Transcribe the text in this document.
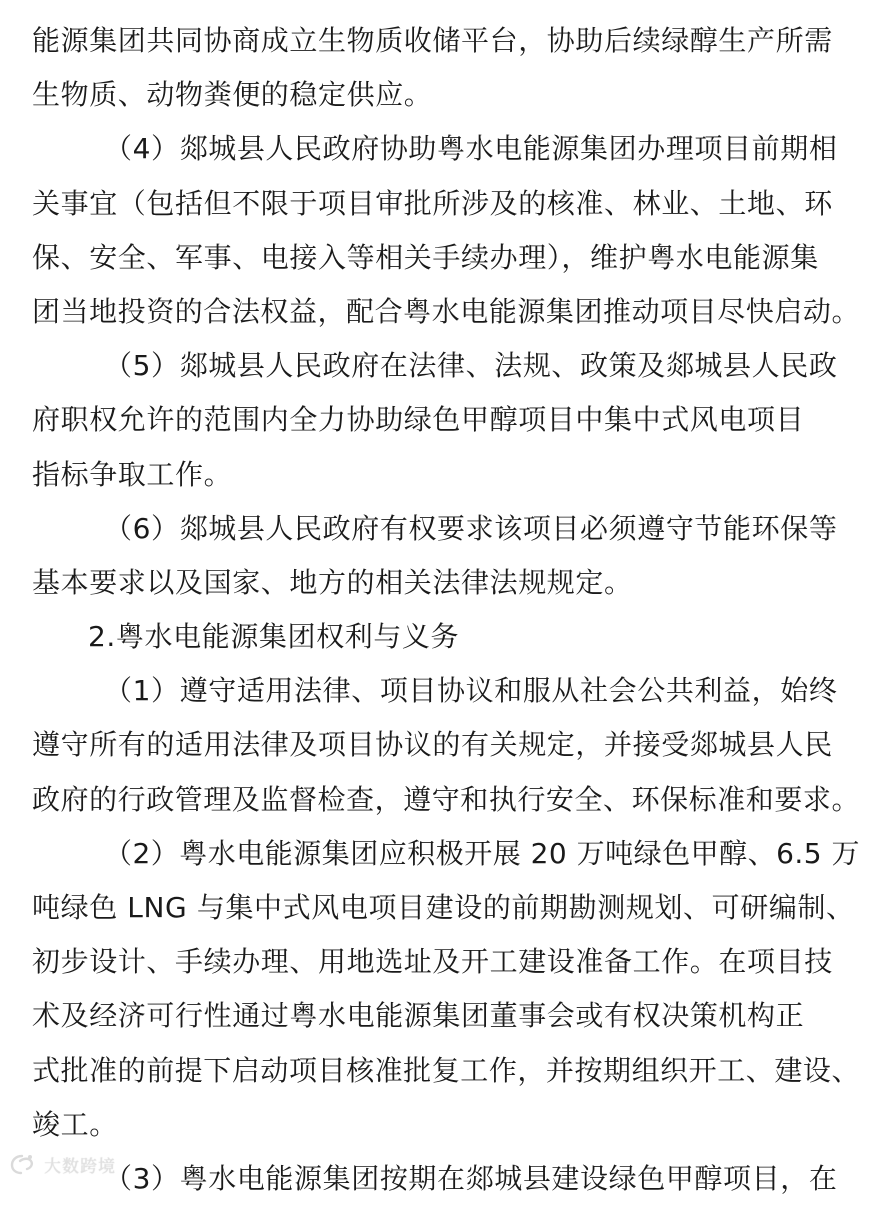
能源集团共同协商成立生物质收储平台，协助后续绿醇生产所需
生物质、动物粪便的稳定供应。
（4）郯城县人民政府协助粤水电能源集团办理项目前期相
关事宜（包括但不限于项目审批所涉及的核准、林业、土地、环
保、安全、军事、电接入等相关手续办理），维护粤水电能源集
团当地投资的合法权益，配合粤水电能源集团推动项目尽快启动。
（5）郯城县人民政府在法律、法规、政策及郯城县人民政
府职权允许的范围内全力协助绿色甲醇项目中集中式风电项目
指标争取工作。
（6）郯城县人民政府有权要求该项目必须遵守节能环保等
基本要求以及国家、地方的相关法律法规规定。
2.粤水电能源集团权利与义务
（1）遵守适用法律、项目协议和服从社会公共利益，始终
遵守所有的适用法律及项目协议的有关规定，并接受郯城县人民
政府的行政管理及监督检查，遵守和执行安全、环保标准和要求。
（2）粤水电能源集团应积极开展 20 万吨绿色甲醇、6.5 万
吨绿色 LNG 与集中式风电项目建设的前期勘测规划、可研编制、
初步设计、手续办理、用地选址及开工建设准备工作。在项目技
术及经济可行性通过粤水电能源集团董事会或有权决策机构正
式批准的前提下启动项目核准批复工作，并按期组织开工、建设、
竣工。
（3）粤水电能源集团按期在郯城县建设绿色甲醇项目，在
大数跨境
